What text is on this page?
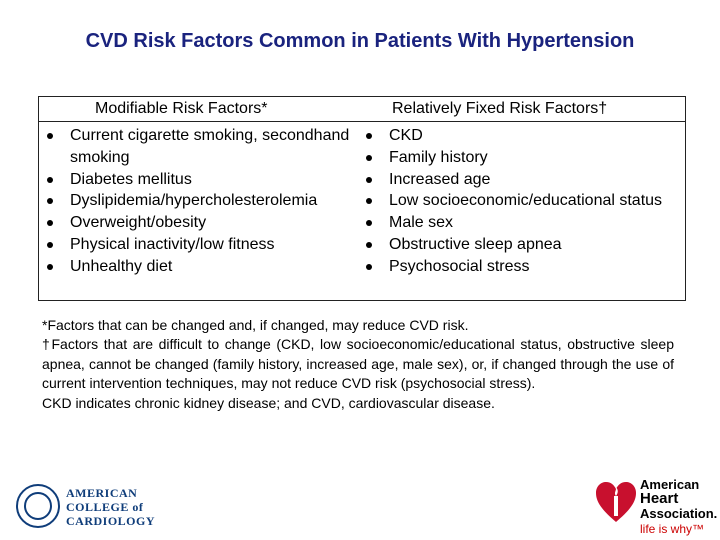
CVD Risk Factors Common in Patients With Hypertension
Modifiable Risk Factors*	Relatively Fixed Risk Factors†
Current cigarette smoking, secondhand smoking
Diabetes mellitus
Dyslipidemia/hypercholesterolemia
Overweight/obesity
Physical inactivity/low fitness
Unhealthy diet
CKD
Family history
Increased age
Low socioeconomic/educational status
Male sex
Obstructive sleep apnea
Psychosocial stress

*Factors that can be changed and, if changed, may reduce CVD risk.

†Factors that are difficult to change (CKD, low socioeconomic/educational status, obstructive sleep apnea, cannot be changed (family history, increased age, male sex), or, if changed through the use of current intervention techniques, may not reduce CVD risk (psychosocial stress).

CKD indicates chronic kidney disease; and CVD, cardiovascular disease.

AMERICAN
COLLEGE of
CARDIOLOGY
American
Heart
Association.
life is why™
